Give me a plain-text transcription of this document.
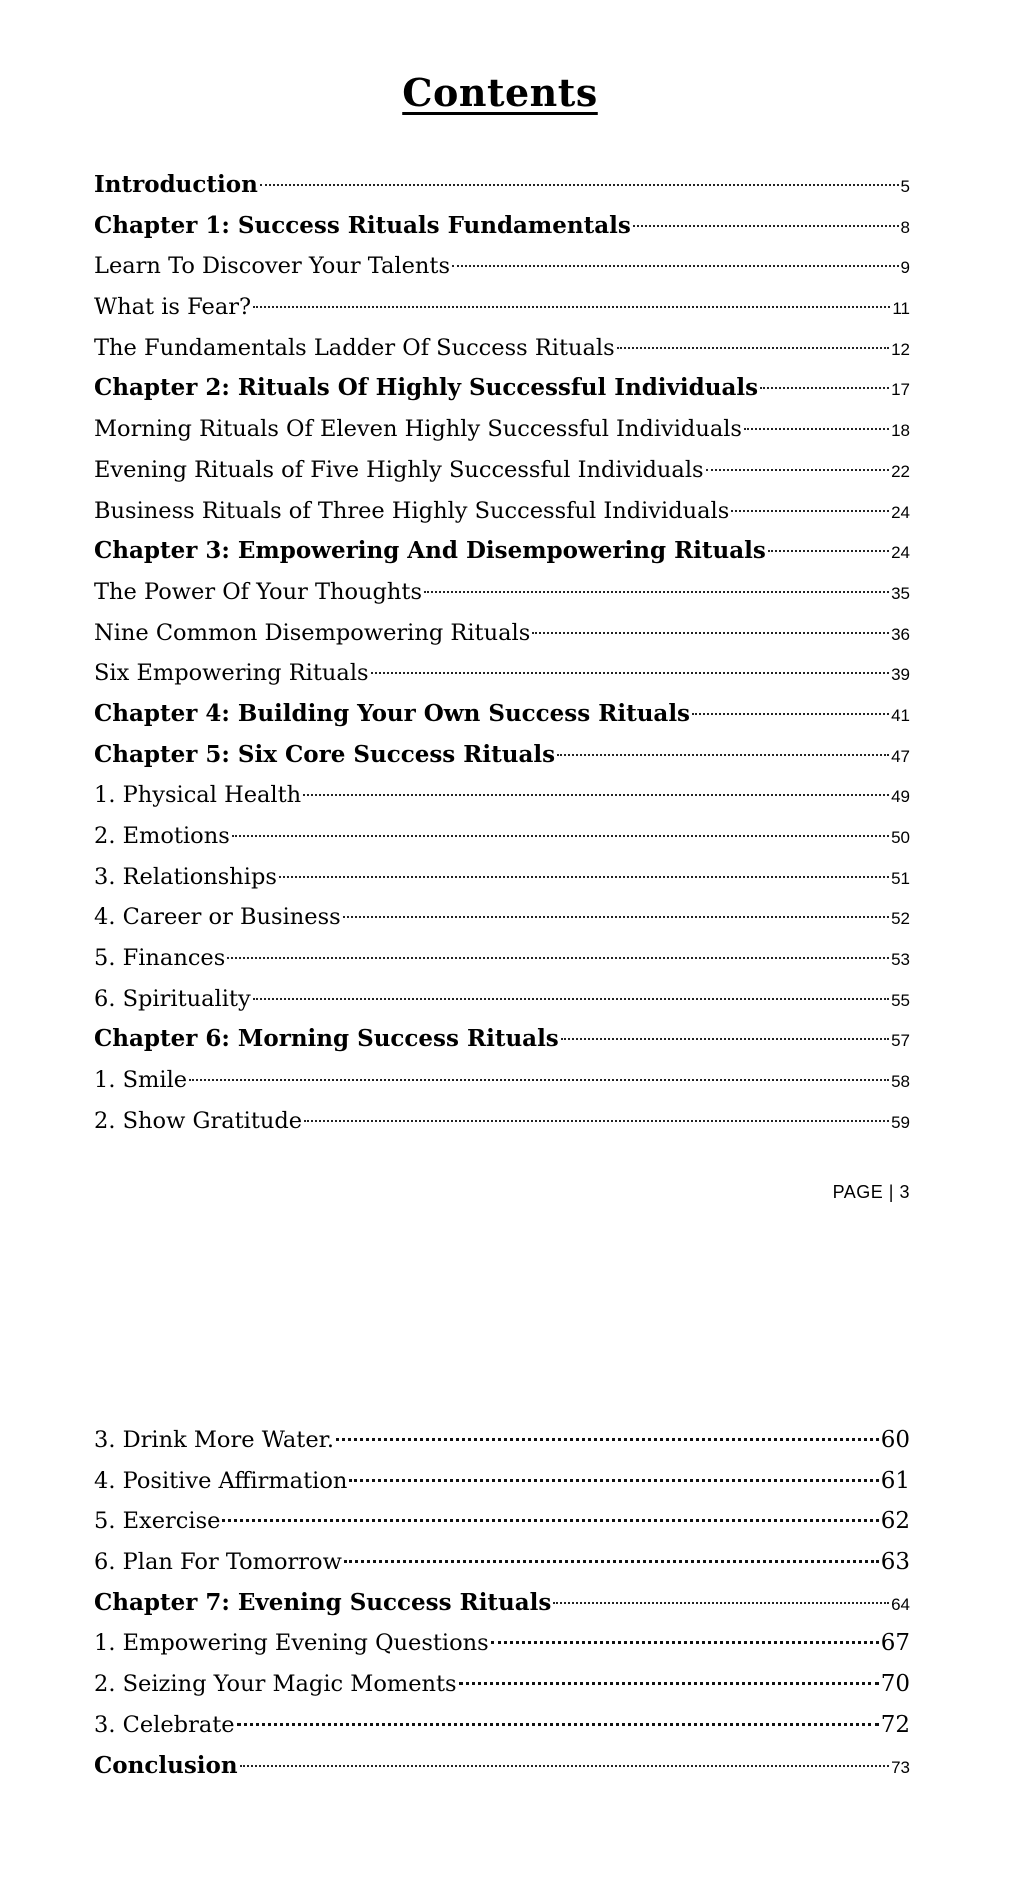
Contents
Introduction	5
Chapter 1: Success Rituals Fundamentals	8
Learn To Discover Your Talents	9
What is Fear?	11
The Fundamentals Ladder Of Success Rituals	12
Chapter 2: Rituals Of Highly Successful Individuals	17
Morning Rituals Of Eleven Highly Successful Individuals	18
Evening Rituals of Five Highly Successful Individuals	22
Business Rituals of Three Highly Successful Individuals	24
Chapter 3: Empowering And Disempowering Rituals	24
The Power Of Your Thoughts	35
Nine Common Disempowering Rituals	36
Six Empowering Rituals	39
Chapter 4: Building Your Own Success Rituals	41
Chapter 5: Six Core Success Rituals	47
1. Physical Health	49
2. Emotions	50
3. Relationships	51
4. Career or Business	52
5. Finances	53
6. Spirituality	55
Chapter 6: Morning Success Rituals	57
1. Smile	58
2. Show Gratitude	59
PAGE | 3
3. Drink More Water.	60
4. Positive Affirmation	61
5. Exercise	62
6. Plan For Tomorrow	63
Chapter 7: Evening Success Rituals	64
1. Empowering Evening Questions	67
2. Seizing Your Magic Moments	70
3. Celebrate	72
Conclusion	73
